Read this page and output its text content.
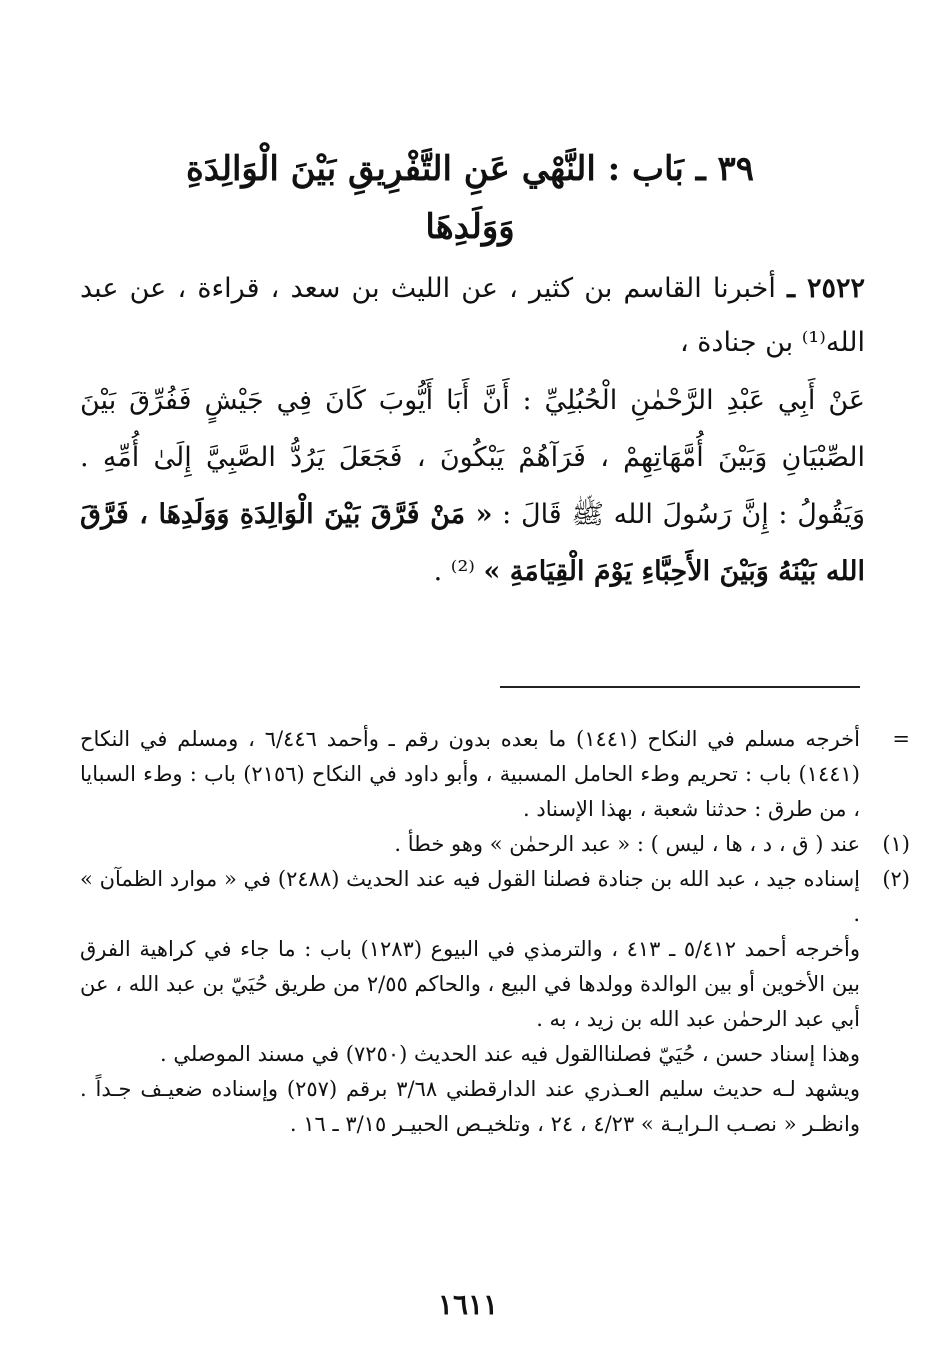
٣٩ ـ بَاب : النَّهْي عَنِ التَّفْرِيقِ بَيْنَ الْوَالِدَةِ
وَوَلَدِهَا
٢٥٢٢ ـ أخبرنا القاسم بن كثير ، عن الليث بن سعد ، قراءة ، عن عبد الله⁽¹⁾ بن جنادة ،
عَنْ أَبِي عَبْدِ الرَّحْمٰنِ الْحُبُلِيِّ : أَنَّ أَبَا أَيُّوبَ كَانَ فِي جَيْشٍ فَفُرِّقَ بَيْنَ الصِّبْيَانِ وَبَيْنَ أُمَّهَاتِهِمْ ، فَرَآهُمْ يَبْكُونَ ، فَجَعَلَ يَرُدُّ الصَّبِيَّ إِلَىٰ أُمِّهِ . وَيَقُولُ : إِنَّ رَسُولَ الله ﷺ قَالَ : « مَنْ فَرَّقَ بَيْنَ الْوَالِدَةِ وَوَلَدِهَا ، فَرَّقَ الله بَيْنَهُ وَبَيْنَ الأَحِبَّاءِ يَوْمَ الْقِيَامَةِ » ⁽²⁾ .
=
أخرجه مسلم في النكاح (١٤٤١) ما بعده بدون رقم ـ وأحمد ٦/٤٤٦ ، ومسلم في النكاح (١٤٤١) باب : تحريم وطء الحامل المسبية ، وأبو داود في النكاح (٢١٥٦) باب : وطء السبايا ، من طرق : حدثنا شعبة ، بهذا الإسناد .
(١)
عند ( ق ، د ، ها ، ليس ) : « عبد الرحمٰن » وهو خطأ .
(٢)
إسناده جيد ، عبد الله بن جنادة فصلنا القول فيه عند الحديث (٢٤٨٨) في « موارد الظمآن » .

وأخرجه أحمد ٥/٤١٢ ـ ٤١٣ ، والترمذي في البيوع (١٢٨٣) باب : ما جاء في كراهية الفرق بين الأخوين أو بين الوالدة وولدها في البيع ، والحاكم ٢/٥٥ من طريق حُيَيّ بن عبد الله ، عن أبي عبد الرحمٰن عبد الله بن زيد ، به .

وهذا إسناد حسن ، حُيَيّ فصلناالقول فيه عند الحديث (٧٢٥٠) في مسند الموصلي .

ويشهد لـه حديث سليم العـذري عند الدارقطني ٣/٦٨ برقم (٢٥٧) وإسناده ضعيـف جـداً . وانظـر « نصـب الـرايـة » ٤/٢٣ ، ٢٤ ، وتلخيـص الحبيـر ٣/١٥ ـ ١٦ .

١٦١١
